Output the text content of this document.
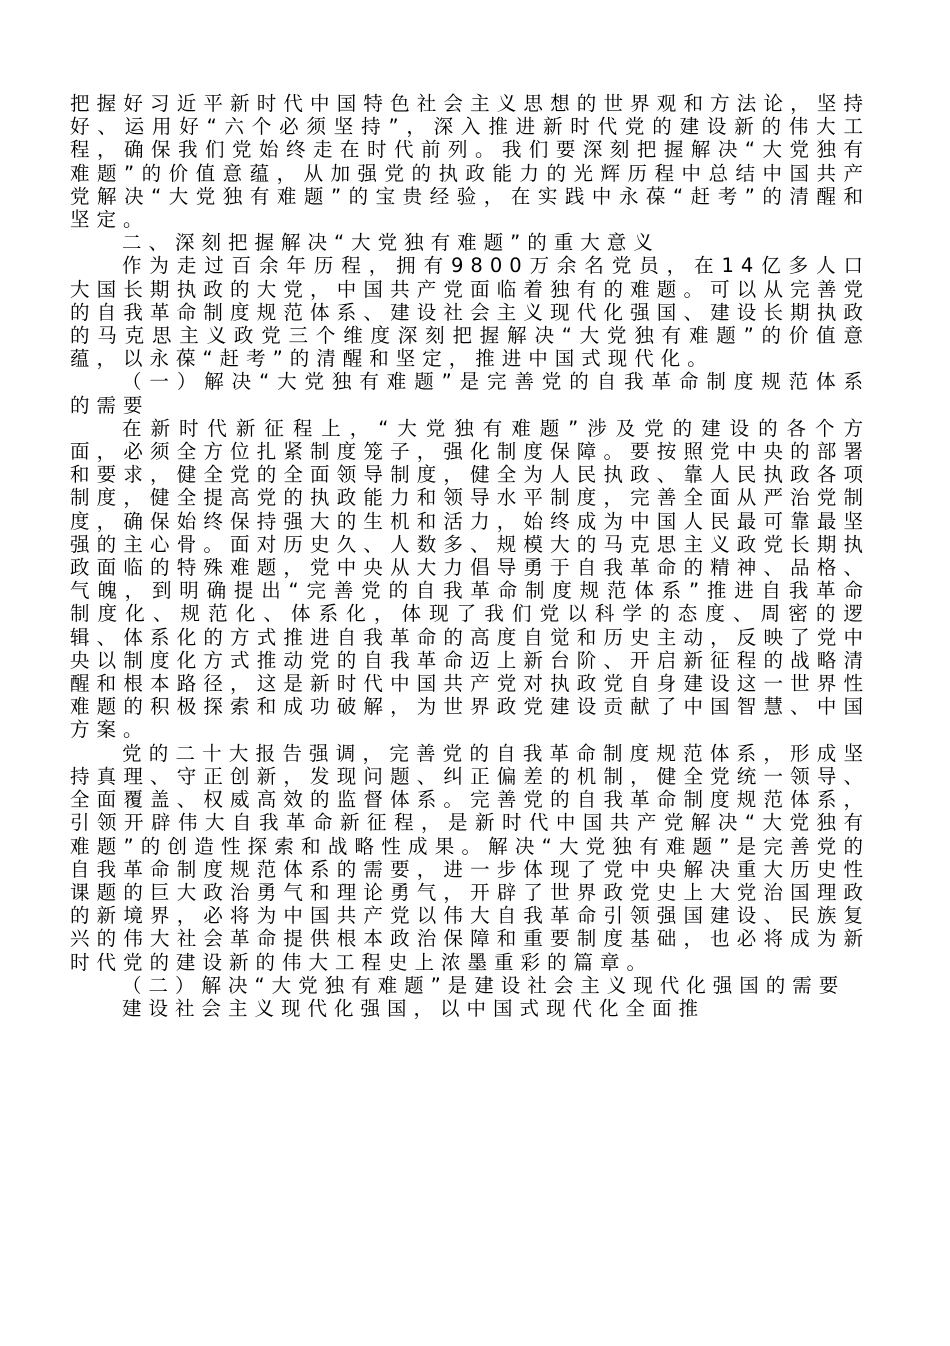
把握好习近平新时代中国特色社会主义思想的世界观和方法论，坚持好、运用好“六个必须坚持”，深入推进新时代党的建设新的伟大工程，确保我们党始终走在时代前列。我们要深刻把握解决“大党独有难题”的价值意蕴，从加强党的执政能力的光辉历程中总结中国共产党解决“大党独有难题”的宝贵经验，在实践中永葆“赶考”的清醒和坚定。

二、深刻把握解决“大党独有难题”的重大意义

作为走过百余年历程，拥有9800万余名党员，在14亿多人口大国长期执政的大党，中国共产党面临着独有的难题。可以从完善党的自我革命制度规范体系、建设社会主义现代化强国、建设长期执政的马克思主义政党三个维度深刻把握解决“大党独有难题”的价值意蕴，以永葆“赶考”的清醒和坚定，推进中国式现代化。

（一）解决“大党独有难题”是完善党的自我革命制度规范体系的需要

在新时代新征程上，“大党独有难题”涉及党的建设的各个方面，必须全方位扎紧制度笼子，强化制度保障。要按照党中央的部署和要求，健全党的全面领导制度，健全为人民执政、靠人民执政各项制度，健全提高党的执政能力和领导水平制度，完善全面从严治党制度，确保始终保持强大的生机和活力，始终成为中国人民最可靠最坚强的主心骨。面对历史久、人数多、规模大的马克思主义政党长期执政面临的特殊难题，党中央从大力倡导勇于自我革命的精神、品格、气魄，到明确提出“完善党的自我革命制度规范体系”推进自我革命制度化、规范化、体系化，体现了我们党以科学的态度、周密的逻辑、体系化的方式推进自我革命的高度自觉和历史主动，反映了党中央以制度化方式推动党的自我革命迈上新台阶、开启新征程的战略清醒和根本路径，这是新时代中国共产党对执政党自身建设这一世界性难题的积极探索和成功破解，为世界政党建设贡献了中国智慧、中国方案。

党的二十大报告强调，完善党的自我革命制度规范体系，形成坚持真理、守正创新，发现问题、纠正偏差的机制，健全党统一领导、全面覆盖、权威高效的监督体系。完善党的自我革命制度规范体系，引领开辟伟大自我革命新征程，是新时代中国共产党解决“大党独有难题”的创造性探索和战略性成果。解决“大党独有难题”是完善党的自我革命制度规范体系的需要，进一步体现了党中央解决重大历史性课题的巨大政治勇气和理论勇气，开辟了世界政党史上大党治国理政的新境界，必将为中国共产党以伟大自我革命引领强国建设、民族复兴的伟大社会革命提供根本政治保障和重要制度基础，也必将成为新时代党的建设新的伟大工程史上浓墨重彩的篇章。

（二）解决“大党独有难题”是建设社会主义现代化强国的需要

建设社会主义现代化强国，以中国式现代化全面推
